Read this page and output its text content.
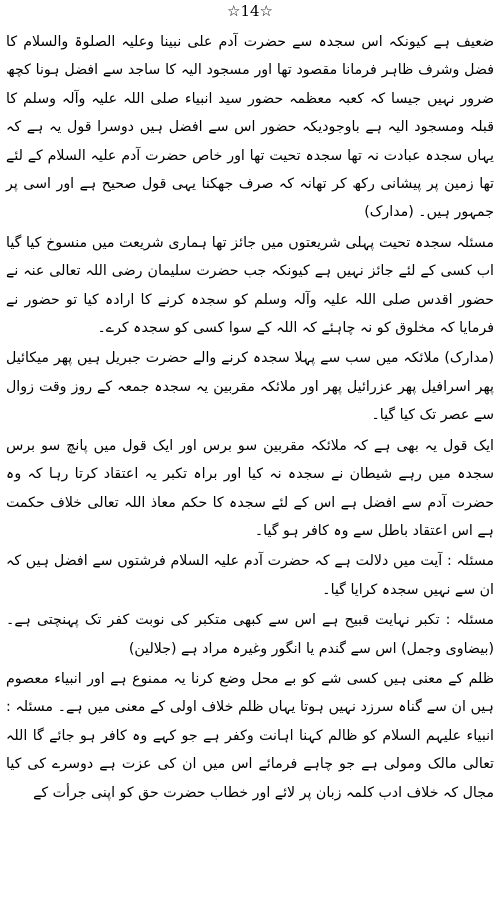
☆14☆

ضعیف ہے کیونکہ اس سجدہ سے حضرت آدم علی نبینا وعلیہ الصلوۃ والسلام کا فضل وشرف ظاہر فرمانا مقصود تھا اور مسجود الیہ کا ساجد سے افضل ہونا کچھ ضرور نہیں جیسا کہ کعبہ معظمہ حضور سید انبیاء صلی اللہ علیہ وآلہ وسلم کا قبلہ ومسجود الیہ ہے باوجودیکہ حضور اس سے افضل ہیں دوسرا قول یہ ہے کہ یہاں سجدہ عبادت نہ تھا سجدہ تحیت تھا اور خاص حضرت آدم علیہ السلام کے لئے تھا زمین پر پیشانی رکھ کر تھانہ کہ صرف جھکنا یہی قول صحیح ہے اور اسی پر جمہور ہیں۔ (مدارک)

مسئلہ سجدہ تحیت پہلی شریعتوں میں جائز تھا ہماری شریعت میں منسوخ کیا گیا اب کسی کے لئے جائز نہیں ہے کیونکہ جب حضرت سلیمان رضی اللہ تعالی عنہ نے حضور اقدس صلی اللہ علیہ وآلہ وسلم کو سجدہ کرنے کا ارادہ کیا تو حضور نے فرمایا کہ مخلوق کو نہ چاہئے کہ اللہ کے سوا کسی کو سجدہ کرے۔

(مدارک) ملائکہ میں سب سے پہلا سجدہ کرنے والے حضرت جبریل ہیں پھر میکائیل پھر اسرافیل پھر عزرائیل پھر اور ملائکہ مقربین یہ سجدہ جمعہ کے روز وقت زوال سے عصر تک کیا گیا۔

ایک قول یہ بھی ہے کہ ملائکہ مقربین سو برس اور ایک قول میں پانچ سو برس سجدہ میں رہے شیطان نے سجدہ نہ کیا اور براہ تکبر یہ اعتقاد کرتا رہا کہ وہ حضرت آدم سے افضل ہے اس کے لئے سجدہ کا حکم معاذ اللہ تعالی خلاف حکمت ہے اس اعتقاد باطل سے وہ کافر ہو گیا۔

مسئلہ : آیت میں دلالت ہے کہ حضرت آدم علیہ السلام فرشتوں سے افضل ہیں کہ ان سے نہیں سجدہ کرایا گیا۔

مسئلہ : تکبر نہایت قبیح ہے اس سے کبھی متکبر کی نوبت کفر تک پہنچتی ہے۔ (بیضاوی وجمل) اس سے گندم یا انگور وغیرہ مراد ہے (جلالین)

ظلم کے معنی ہیں کسی شے کو بے محل وضع کرنا یہ ممنوع ہے اور انبیاء معصوم ہیں ان سے گناہ سرزد نہیں ہوتا یہاں ظلم خلاف اولی کے معنی میں ہے۔ مسئلہ : انبیاء علیہم السلام کو ظالم کہنا اہانت وکفر ہے جو کہے وہ کافر ہو جائے گا اللہ تعالی مالک ومولی ہے جو چاہے فرمائے اس میں ان کی عزت ہے دوسرے کی کیا مجال کہ خلاف ادب کلمہ زبان پر لائے اور خطاب حضرت حق کو اپنی جرأت کے
